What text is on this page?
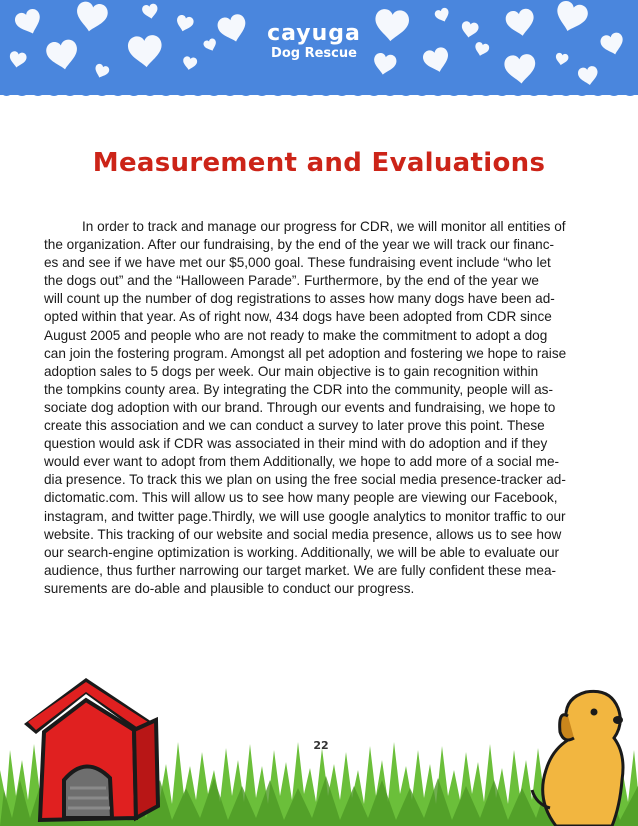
cayuga
Dog Rescue
Measurement and Evaluations

In order to track and manage our progress for CDR, we will monitor all entities of
the organization. After our fundraising, by the end of the year we will track our financ-
es and see if we have met our $5,000 goal. These fundraising event include “who let
the dogs out” and the “Halloween Parade”. Furthermore, by the end of the year we
will count up the number of dog registrations to asses how many dogs have been ad-
opted within that year. As of right now, 434 dogs have been adopted from CDR since
August 2005 and people who are not ready to make the commitment to adopt a dog
can join the fostering program. Amongst all pet adoption and fostering we hope to raise
adoption sales to 5 dogs per week. Our main objective is to gain recognition within
the tompkins county area. By integrating the CDR into the community, people will as-
sociate dog adoption with our brand. Through our events and fundraising, we hope to
create this association and we can conduct a survey to later prove this point. These
question would ask if CDR was associated in their mind with do adoption and if they
would ever want to adopt from them Additionally, we hope to add more of a social me-
dia presence. To track this we plan on using the free social media presence-tracker ad-
dictomatic.com. This will allow us to see how many people are viewing our Facebook,
instagram, and twitter page.Thirdly, we will use google analytics to monitor traffic to our
website. This tracking of our website and social media presence, allows us to see how
our search-engine optimization is working. Additionally, we will be able to evaluate our
audience, thus further narrowing our target market. We are fully confident these mea-
surements are do-able and plausible to conduct our progress.

22
